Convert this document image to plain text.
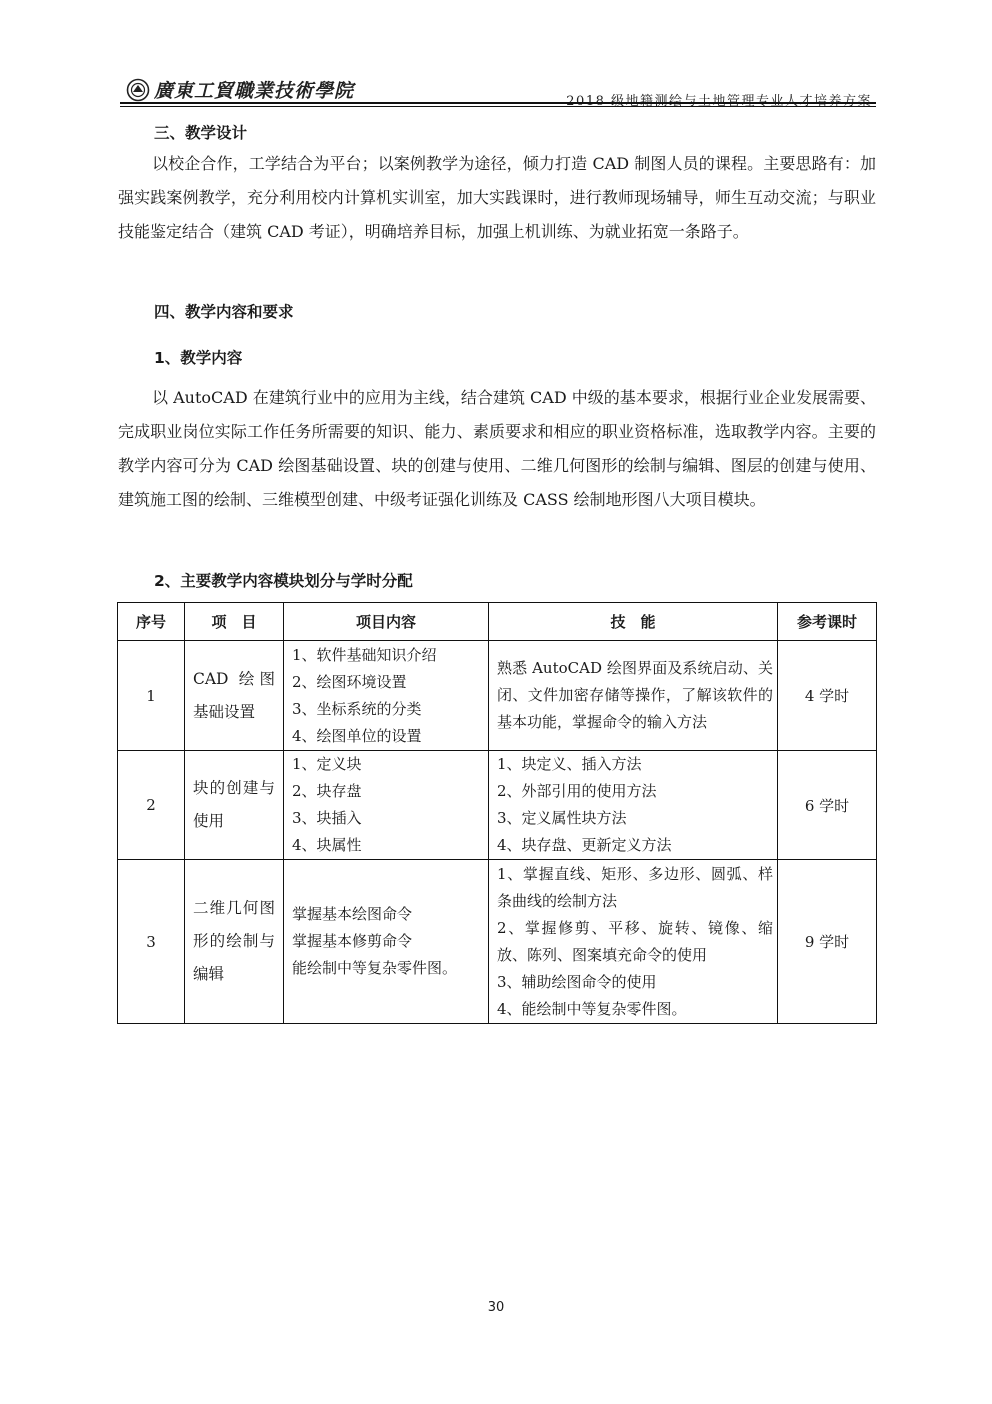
廣東工貿職業技術學院	2018 级地籍测绘与土地管理专业人才培养方案
三、教学设计

以校企合作，工学结合为平台；以案例教学为途径，倾力打造 CAD 制图人员的课程。主要思路有：加强实践案例教学，充分利用校内计算机实训室，加大实践课时，进行教师现场辅导，师生互动交流；与职业技能鉴定结合（建筑 CAD 考证），明确培养目标，加强上机训练、为就业拓宽一条路子。

四、教学内容和要求
1、教学内容

以 AutoCAD 在建筑行业中的应用为主线，结合建筑 CAD 中级的基本要求，根据行业企业发展需要、完成职业岗位实际工作任务所需要的知识、能力、素质要求和相应的职业资格标准，选取教学内容。主要的教学内容可分为 CAD 绘图基础设置、块的创建与使用、二维几何图形的绘制与编辑、图层的创建与使用、建筑施工图的绘制、三维模型创建、中级考证强化训练及 CASS 绘制地形图八大项目模块。

2、主要教学内容模块划分与学时分配
序号	项　目	项目内容	技　能	参考课时
1	CAD 绘图基础设置	1、软件基础知识介绍
2、绘图环境设置
3、坐标系统的分类
4、绘图单位的设置	熟悉 AutoCAD 绘图界面及系统启动、关闭、文件加密存储等操作，了解该软件的基本功能，掌握命令的输入方法	4 学时
2	块的创建与使用	1、定义块
2、块存盘
3、块插入
4、块属性	1、块定义、插入方法
2、外部引用的使用方法
3、定义属性块方法
4、块存盘、更新定义方法	6 学时
3	二维几何图形的绘制与编辑	掌握基本绘图命令
掌握基本修剪命令
能绘制中等复杂零件图。	1、掌握直线、矩形、多边形、圆弧、样条曲线的绘制方法
2、掌握修剪、平移、旋转、镜像、缩放、陈列、图案填充命令的使用
3、辅助绘图命令的使用
4、能绘制中等复杂零件图。	9 学时
30
